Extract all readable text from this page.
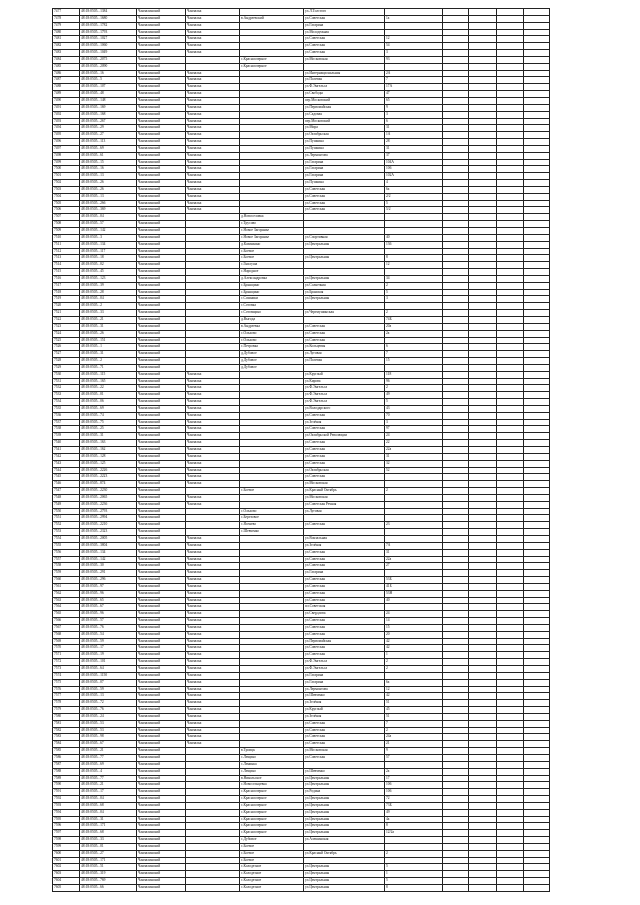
7477	48:18:0505...1384	Чанчалинский	Чанчалка		ул.Л.Толстого					
7478	48:18:0505...1680	Чанчалинский	Чанчалка	в.Андреевский	ул.Советская	1а				
7479	48:18:0505...1782	Чанчалинский	Чанчалка		ул.Гагарина					
7480	48:18:0505...1793	Чанчалинский	Чанчалка		ул.Молодежная					
7481	48:18:0505...1027	Чанчалинский	Чанчалка		ул.Советская	12				
7482	48:18:0505...1060	Чанчалинский	Чанчалка		ул.Советская	54				
7483	48:18:0505...1049	Чанчалинский	Чанчалка		ул.Советская	3				
7484	48:18:0505...2075	Чанчалинский		с.Красноозерное	ул.Московская	93				
7485	48:18:0505...2090	Чанчалинский		с.Красноозерное						
7486	48:18:0505...16	Чанчалинский	Чанчалка		ул.Интернациональная	2А				
7487	48:18:0505...5	Чанчалинский	Чанчалка		ул.Полевая	7				
7488	48:18:0505...107	Чанчалинский	Чанчалка		ул.Ф.Энгельса	17А				
7489	48:18:0505...48	Чанчалинский	Чанчалка		ул.Свободы	47				
7490	48:18:0505...148	Чанчалинский	Чанчалка		пер.Московский	65				
7491	48:18:0505...169	Чанчалинский	Чанчалка		ул.Первомайская	9				
7492	48:18:0505...168	Чанчалинский	Чанчалка		ул.Садовая	3				
7493	48:18:0505...267	Чанчалинский	Чанчалка		пер.Московский	6				
7494	48:18:0505...29	Чанчалинский	Чанчалка		ул.Мира	31				
7495	48:18:0505...27	Чанчалинский	Чанчалка		ул.Октябрьская	1А				
7496	48:18:0505...113	Чанчалинский	Чанчалка		ул.Пушкина	28				
7497	48:18:0505...69	Чанчалинский	Чанчалка		ул.Пушкина	31				
7498	48:18:0505...61	Чанчалинский	Чанчалка		ул.Лермонтова	37				
7499	48:18:0505...15	Чанчалинский	Чанчалка		ул.Гагарина	104А				
7500	48:18:0505...16	Чанчалинский	Чанчалка		ул.Гагарина	106				
7501	48:18:0505...13	Чанчалинский	Чанчалка		ул.Гагарина	102А				
7502	48:18:0505...26	Чанчалинский	Чанчалка		ул.Пушкина	4				
7503	48:18:0505...26	Чанчалинский	Чанчалка		ул.Советская	6а				
7504	48:18:0505...13	Чанчалинский	Чанчалка		ул.Советская	2/2				
7505	48:18:0505...266	Чанчалинский	Чанчалка		ул.Советская	5				
7506	48:18:0505...369	Чанчалинский	Чанчалка		ул.Советская	5/2				
7507	48:18:0505...04	Чанчалинский		д.Новоселовка						
7508	48:18:0505...57	Чанчалинский		с.Трусово						
7509	48:18:0505...142	Чанчалинский		с.Новое Загорянье						
7510	48:18:0505...3	Чанчалинский		с.Новое Загорянье	ул.Спортивная	40				
7511	48:18:0505...134	Чанчалинский		д.Казинкино	ул.Центральная	136				
7512	48:18:0505...117	Чанчалинский		с.Боевое						
7513	48:18:0505...18	Чанчалинский		с.Боевое	ул.Центральная	8				
7514	48:18:0505...02	Чанчалинский		с.Гнилуша		12				
7515	48:18:0505...45	Чанчалинский		с.Народное						
7516	48:18:0505...123	Чанчалинский		д.Александровка	ул.Центральная	34				
7517	48:18:0505...39	Чанчалинский		с.Брянщино	ул.Солнечная	2				
7518	48:18:0505...28	Чанчалинский		с.Брянщино	ул.Брянская	5				
7519	48:18:0505...04	Чанчалинский		с.Сошники	ул.Центральная	3				
7520	48:18:0505...2	Чанчалинский		с.Сотовка						
7521	48:18:0505...33	Чанчалинский		с.Сотовщино	ул.Черемушинская	2				
7522	48:18:0505...21	Чанчалинский		д.Выгода		74Б				
7523	48:18:0505...31	Чанчалинский		в.Андреевка	ул.Советская	20а				
7524	48:18:0505...26	Чанчалинский		с.Ольхово	ул.Советская	2а				
7525	48:18:0505...151	Чанчалинский		с.Ольхово	ул.Советская					
7526	48:18:0505...1	Чанчалинский		с.Петровка	ул.Кольцевая	6				
7527	48:18:0505...31	Чанчалинский		д.Дубовое	ул.Луговая	7				
7528	48:18:0505...2	Чанчалинский		д.Дубовое	ул.Полевая	15				
7529	48:18:0505...71	Чанчалинский		д.Дубовое						
7530	48:18:0505...115	Чанчалинский	Чанчалка		ул.Круглый	118				
7531	48:18:0505...165	Чанчалинский	Чанчалка		ул.Кирова	96				
7532	48:18:0505...22	Чанчалинский	Чанчалка		ул.Ф.Энгельса	2				
7533	48:18:0505...01	Чанчалинский	Чанчалка		ул.Ф.Энгельса	49				
7534	48:18:0505...06	Чанчалинский	Чанчалка		ул.Ф.Энгельса	5				
7535	48:18:0505...69	Чанчалинский	Чанчалка		ул.Володарского	43				
7536	48:18:0505...74	Чанчалинский	Чанчалка		ул.Советская	70				
7537	48:18:0505...75	Чанчалинский	Чанчалка		ул.Зелёная	3				
7538	48:18:0505...25	Чанчалинский	Чанчалка		ул.Советская	97				
7539	48:18:0505...31	Чанчалинский	Чанчалка		ул.Октябрьской Революции	24				
7540	48:18:0505...163	Чанчалинский	Чанчалка		ул.Советская	22				
7541	48:18:0505...162	Чанчалинский	Чанчалка		ул.Советская	22а				
7542	48:18:0505...128	Чанчалинский	Чанчалка		ул.Советская	31				
7543	48:18:0505...125	Чанчалинский	Чанчалка		ул.Советская	32				
7544	48:18:0505...2226	Чанчалинский	Чанчалка		ул.Октябрьская	52				
7545	48:18:0505...2223	Чанчалинский	Чанчалка		ул.Советская					
7546	48:18:0505...874	Чанчалинский	Чанчалка		ул.Московская					
7547	48:18:0505...2230	Чанчалинский		с.Боевое	ул.Красный Октябрь	2				
7548	48:18:0505...2065	Чанчалинский	Чанчалка		ул.Московская					
7549	48:18:0505...2236	Чанчалинский	Чанчалка		ул.Советская Речная					
7550	48:18:0505...2793	Чанчалинский		с.Ольхово	ул.Луговая					
7551	48:18:0505...2994	Чанчалинский		с.Березовое						
7552	48:18:0505...2210	Чанчалинский		с.Ясенево	ул.Советская	23				
7553	48:18:0505...2323	Чанчалинский		с.Шевченко						
7554	48:18:0505...2005	Чанчалинский	Чанчалка		ул.Вокзальная					
7555	48:18:0505...3804	Чанчалинский	Чанчалка		ул.Зелёная	7А				
7556	48:18:0505...134	Чанчалинский	Чанчалка		ул.Советская	31				
7557	48:18:0505...142	Чанчалинский	Чанчалка		ул.Советская	22а				
7558	48:18:0505...30	Чанчалинский	Чанчалка		ул.Советская	27				
7559	48:18:0505...291	Чанчалинский	Чанчалка		ул.Гагарина					
7560	48:18:0505...296	Чанчалинский	Чанчалка		ул.Советская	53Б				
7561	48:18:0505...97	Чанчалинский	Чанчалка		ул.Советская	41Б				
7562	48:18:0505...96	Чанчалинский	Чанчалка		ул.Советская	53Н				
7563	48:18:0505...65	Чанчалинский	Чанчалка		ул.Советская	40				
7564	48:18:0505...67	Чанчалинский	Чанчалка		пл.Советская					
7565	48:18:0505...96	Чанчалинский	Чанчалка		ул.Свердлова	24				
7566	48:18:0505...57	Чанчалинский	Чанчалка		ул.Советская	14				
7567	48:18:0505...76	Чанчалинский	Чанчалка		ул.Советская	15				
7568	48:18:0505...54	Чанчалинский	Чанчалка		ул.Советская	20				
7569	48:18:0505...59	Чанчалинский	Чанчалка		ул.Первомайская	42				
7570	48:18:0505...17	Чанчалинский	Чанчалка		ул.Советская	42				
7571	48:18:0505...19	Чанчалинский	Чанчалка		ул.Советская	1				
7572	48:18:0505...101	Чанчалинский	Чанчалка		ул.Ф.Энгельса	2				
7573	48:18:0505...64	Чанчалинский	Чанчалка		ул.Ф.Энгельса	2				
7574	48:18:0505...1150	Чанчалинский	Чанчалка		ул.Гагарина					
7575	48:18:0505...07	Чанчалинский	Чанчалка		ул.Гагарина	6а				
7576	48:18:0505...59	Чанчалинский	Чанчалка		ул.Лермонтова	12				
7577	48:18:0505...13	Чанчалинский	Чанчалка		ул.Шевченко	42				
7578	48:18:0505...72	Чанчалинский	Чанчалка		ул.Зелёная	51				
7579	48:18:0505...76	Чанчалинский	Чанчалка		ул.Круглый	45				
7580	48:18:0505...24	Чанчалинский	Чанчалка		ул.Зелёная	51				
7581	48:18:0505...53	Чанчалинский	Чанчалка		ул.Советская	7				
7582	48:18:0505...53	Чанчалинский	Чанчалка		ул.Советская	2				
7583	48:18:0505...98	Чанчалинский	Чанчалка		ул.Советская	24а				
7584	48:18:0505...67	Чанчалинский	Чанчалка		ул.Советская	21				
7585	48:18:0505...21	Чанчалинский		в.Троицк	ул.Московская	9				
7586	48:18:0505...77	Чанчалинский		с.Лещино	ул.Советская	57				
7587	48:18:0505...69	Чанчалинский		с.Ленинка						
7588	48:18:0505...4	Чанчалинский		с.Лещино	ул.Шевченко	2а				
7589	48:18:0505...77	Чанчалинский		в.Никольское	ул.Центральная	17				
7590	48:18:0505...21	Чанчалинский		с.Новосельцевка	ул.Центральная	106				
7591	48:18:0505...17	Чанчалинский		с.Красноозерное	ул.Родина	106				
7592	48:18:0505...04	Чанчалинский		с.Красноозерное	ул.Центральная	72				
7593	48:18:0505...68	Чанчалинский		с.Красноозерное	ул.Центральная	73Б				
7594	48:18:0505...04	Чанчалинский		с.Красноозерное	ул.Центральная	49				
7595	48:18:0505...31	Чанчалинский		с.Красноозерное	ул.Центральная	4а				
7596	48:18:0505...171	Чанчалинский		с.Красноозерное	ул.Центральная	8				
7597	48:18:0505...68	Чанчалинский		с.Красноозерное	ул.Центральная	12/2а				
7598	48:18:0505...33	Чанчалинский		с.Дубовое	ул.Алешинская					
7599	48:18:0505...01	Чанчалинский		с.Боевое						
7600	48:18:0505...27	Чанчалинский		с.Боевое	ул.Красный Октябрь	2				
7601	48:18:0505...171	Чанчалинский		с.Боевое						
7602	48:18:0505...51	Чанчалинский		с.Колодезное	ул.Центральная	5				
7603	48:18:0505...319	Чанчалинский		с.Колодезное	ул.Центральная	1				
7604	48:18:0505...769	Чанчалинский		с.Колодезное	ул.Центральная	5				
7605	48:18:0505...66	Чанчалинский		с.Колодезное	ул.Центральная	8				
